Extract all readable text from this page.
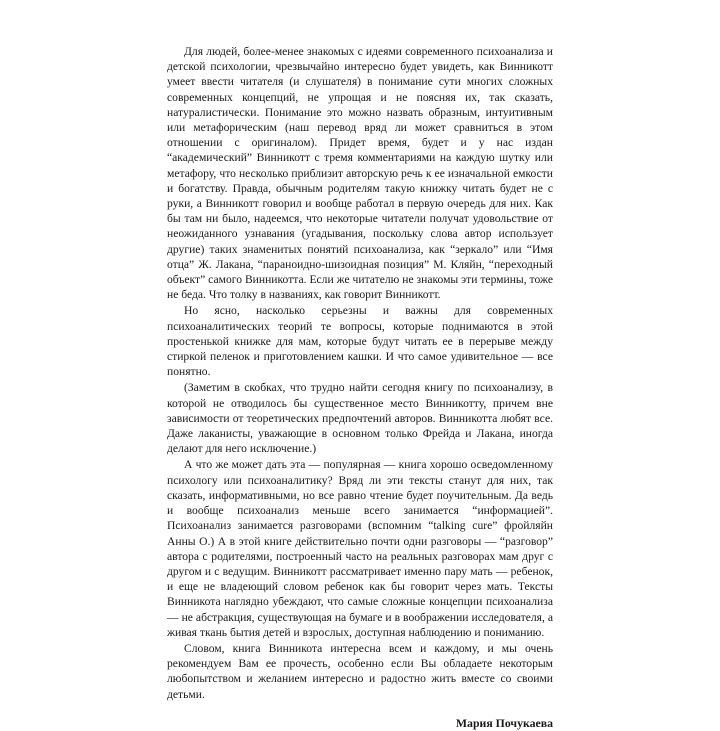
Для людей, более-менее знакомых с идеями современного психоанализа и детской психологии, чрезвычайно интересно будет увидеть, как Винникотт умеет ввести читателя (и слушателя) в понимание сути многих сложных современных концепций, не упрощая и не поясняя их, так сказать, натуралистически. Понимание это можно назвать образным, интуитивным или метафорическим (наш перевод вряд ли может сравниться в этом отношении с оригиналом). Придет время, будет и у нас издан “академический” Винникотт с тремя комментариями на каждую шутку или метафору, что несколько приблизит авторскую речь к ее изначальной емкости и богатству. Правда, обычным родителям такую книжку читать будет не с руки, а Винникотт говорил и вообще работал в первую очередь для них. Как бы там ни было, надеемся, что некоторые читатели получат удовольствие от неожиданного узнавания (угадывания, поскольку слова автор использует другие) таких знаменитых понятий психоанализа, как “зеркало” или “Имя отца” Ж. Лакана, “параноидно-шизоидная позиция” М. Кляйн, “переходный объект” самого Винникотта. Если же читателю не знакомы эти термины, тоже не беда. Что толку в названиях, как говорит Винникотт.

Но ясно, насколько серьезны и важны для современных психоаналитических теорий те вопросы, которые поднимаются в этой простенькой книжке для мам, которые будут читать ее в перерыве между стиркой пеленок и приготовлением кашки. И что самое удивительное — все понятно.

(Заметим в скобках, что трудно найти сегодня книгу по психоанализу, в которой не отводилось бы существенное место Винникотту, причем вне зависимости от теоретических предпочтений авторов. Винникотта любят все. Даже лаканисты, уважающие в основном только Фрейда и Лакана, иногда делают для него исключение.)

А что же может дать эта — популярная — книга хорошо осведомленному психологу или психоаналитику? Вряд ли эти тексты станут для них, так сказать, информативными, но все равно чтение будет поучительным. Да ведь и вообще психоанализ меньше всего занимается “информацией”. Психоанализ занимается разговорами (вспомним “talking cure” фройляйн Анны О.) А в этой книге действительно почти одни разговоры — “разговор” автора с родителями, построенный часто на реальных разговорах мам друг с другом и с ведущим. Винникотт рассматривает именно пару мать — ребенок, и еще не владеющий словом ребенок как бы говорит через мать. Тексты Винникота наглядно убеждают, что самые сложные концепции психоанализа — не абстракция, существующая на бумаге и в воображении исследователя, а живая ткань бытия детей и взрослых, доступная наблюдению и пониманию.

Словом, книга Винникота интересна всем и каждому, и мы очень рекомендуем Вам ее прочесть, особенно если Вы обладаете некоторым любопытством и желанием интересно и радостно жить вместе со своими детьми.

Мария Почукаева
